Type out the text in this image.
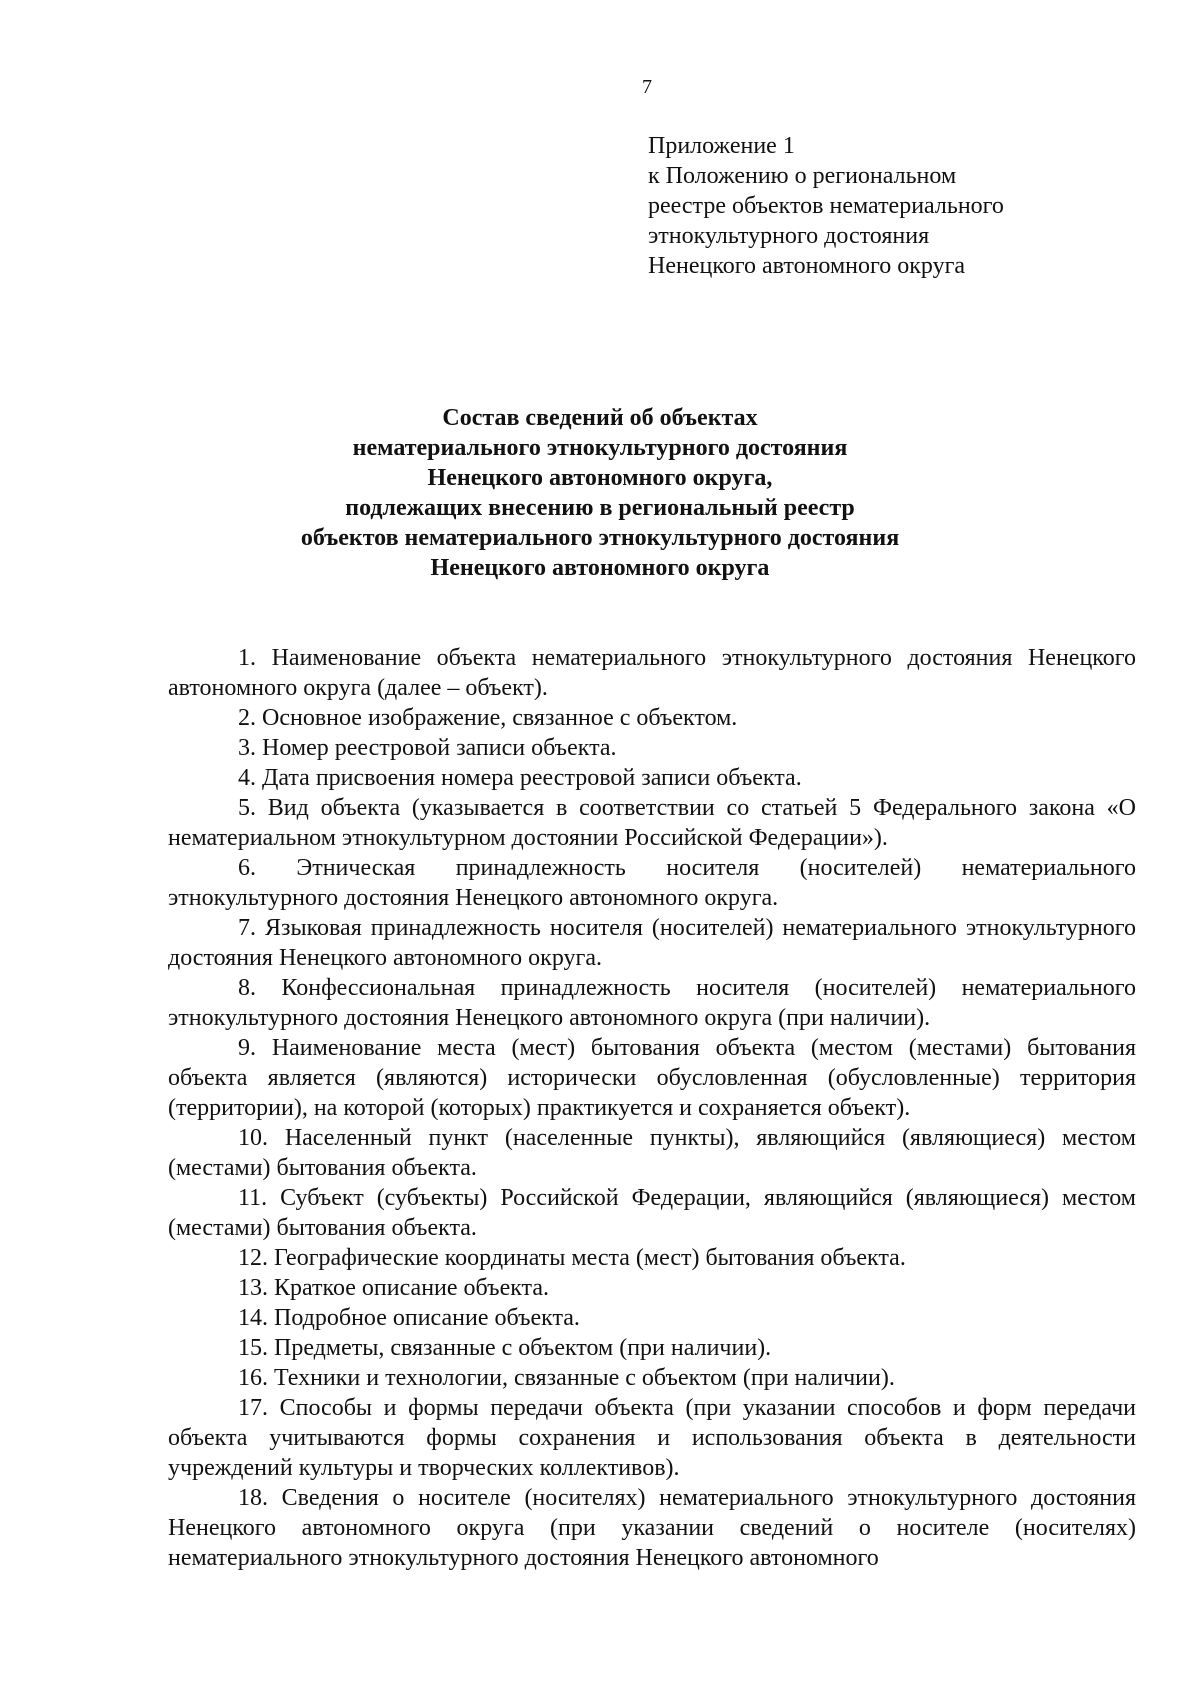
7
Приложение 1
к Положению о региональном
реестре объектов нематериального
этнокультурного достояния
Ненецкого автономного округа
Состав сведений об объектах
нематериального этнокультурного достояния
Ненецкого автономного округа,
подлежащих внесению в региональный реестр
объектов нематериального этнокультурного достояния
Ненецкого автономного округа

1. Наименование объекта нематериального этнокультурного достояния Ненецкого автономного округа (далее – объект).

2. Основное изображение, связанное с объектом.

3. Номер реестровой записи объекта.

4. Дата присвоения номера реестровой записи объекта.

5. Вид объекта (указывается в соответствии со статьей 5 Федерального закона «О нематериальном этнокультурном достоянии Российской Федерации»).

6. Этническая принадлежность носителя (носителей) нематериального этнокультурного достояния Ненецкого автономного округа.

7. Языковая принадлежность носителя (носителей) нематериального этнокультурного достояния Ненецкого автономного округа.

8. Конфессиональная принадлежность носителя (носителей) нематериального этнокультурного достояния Ненецкого автономного округа (при наличии).

9. Наименование места (мест) бытования объекта (местом (местами) бытования объекта является (являются) исторически обусловленная (обусловленные) территория (территории), на которой (которых) практикуется и сохраняется объект).

10. Населенный пункт (населенные пункты), являющийся (являющиеся) местом (местами) бытования объекта.

11. Субъект (субъекты) Российской Федерации, являющийся (являющиеся) местом (местами) бытования объекта.

12. Географические координаты места (мест) бытования объекта.

13. Краткое описание объекта.

14. Подробное описание объекта.

15. Предметы, связанные с объектом (при наличии).

16. Техники и технологии, связанные с объектом (при наличии).

17. Способы и формы передачи объекта (при указании способов и форм передачи объекта учитываются формы сохранения и использования объекта в деятельности учреждений культуры и творческих коллективов).

18. Сведения о носителе (носителях) нематериального этнокультурного достояния Ненецкого автономного округа (при указании сведений о носителе (носителях) нематериального этнокультурного достояния Ненецкого автономного
